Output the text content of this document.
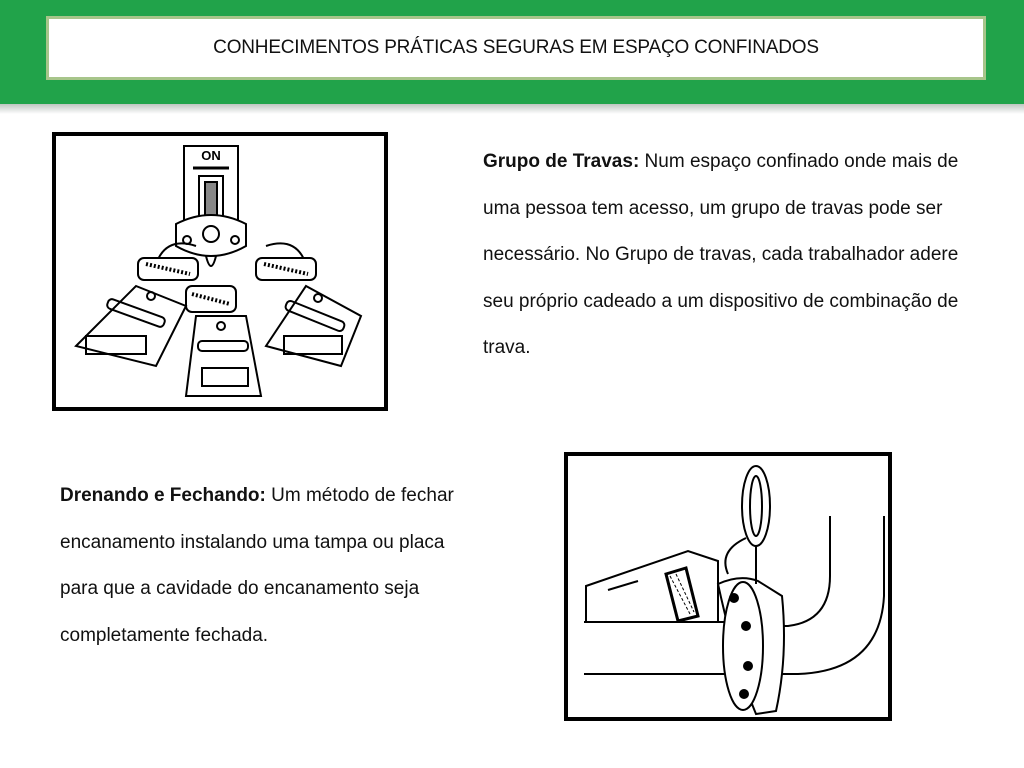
CONHECIMENTOS PRÁTICAS SEGURAS EM ESPAÇO CONFINADOS
ON	Grupo de Travas: Num espaço confinado onde mais de uma pessoa tem acesso, um grupo de travas pode ser necessário. No Grupo de travas, cada trabalhador adere seu próprio cadeado a um dispositivo de combinação de trava.

Drenando e Fechando: Um método de fechar encanamento instalando uma tampa ou placa para que a cavidade do encanamento seja completamente fechada.
